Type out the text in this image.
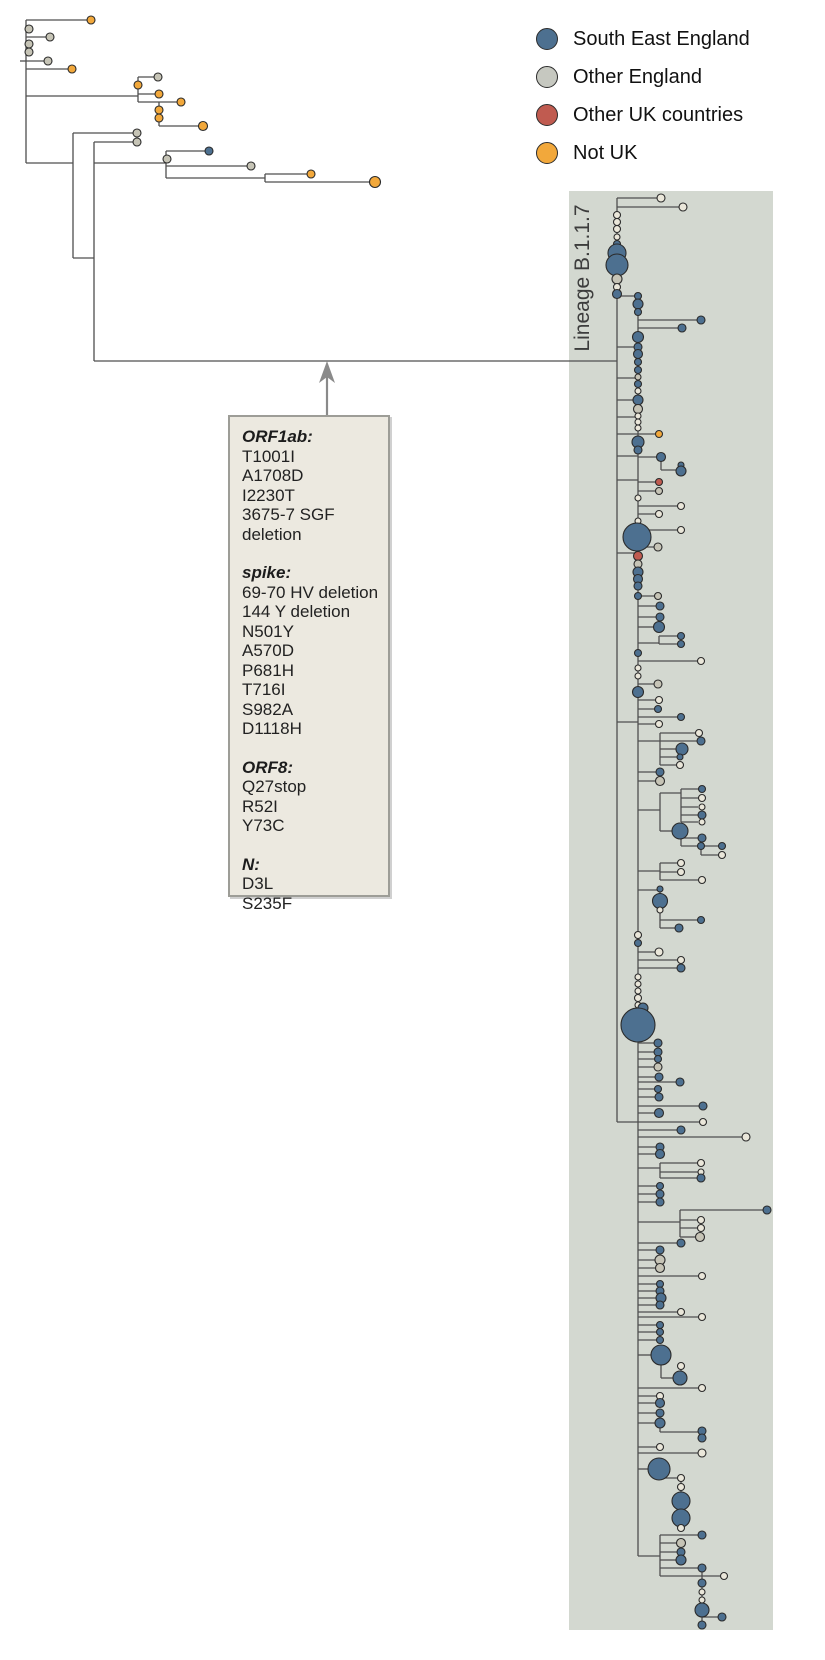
Lineage B.1.1.7
South East England
Other England
Other UK countries
Not UK
ORF1ab:
T1001I
A1708D
I2230T
3675-7 SGF deletion
spike:
69-70 HV deletion
144 Y deletion
N501Y
A570D
P681H
T716I
S982A
D1118H
ORF8:
Q27stop
R52I
Y73C
N:
D3L
S235F
